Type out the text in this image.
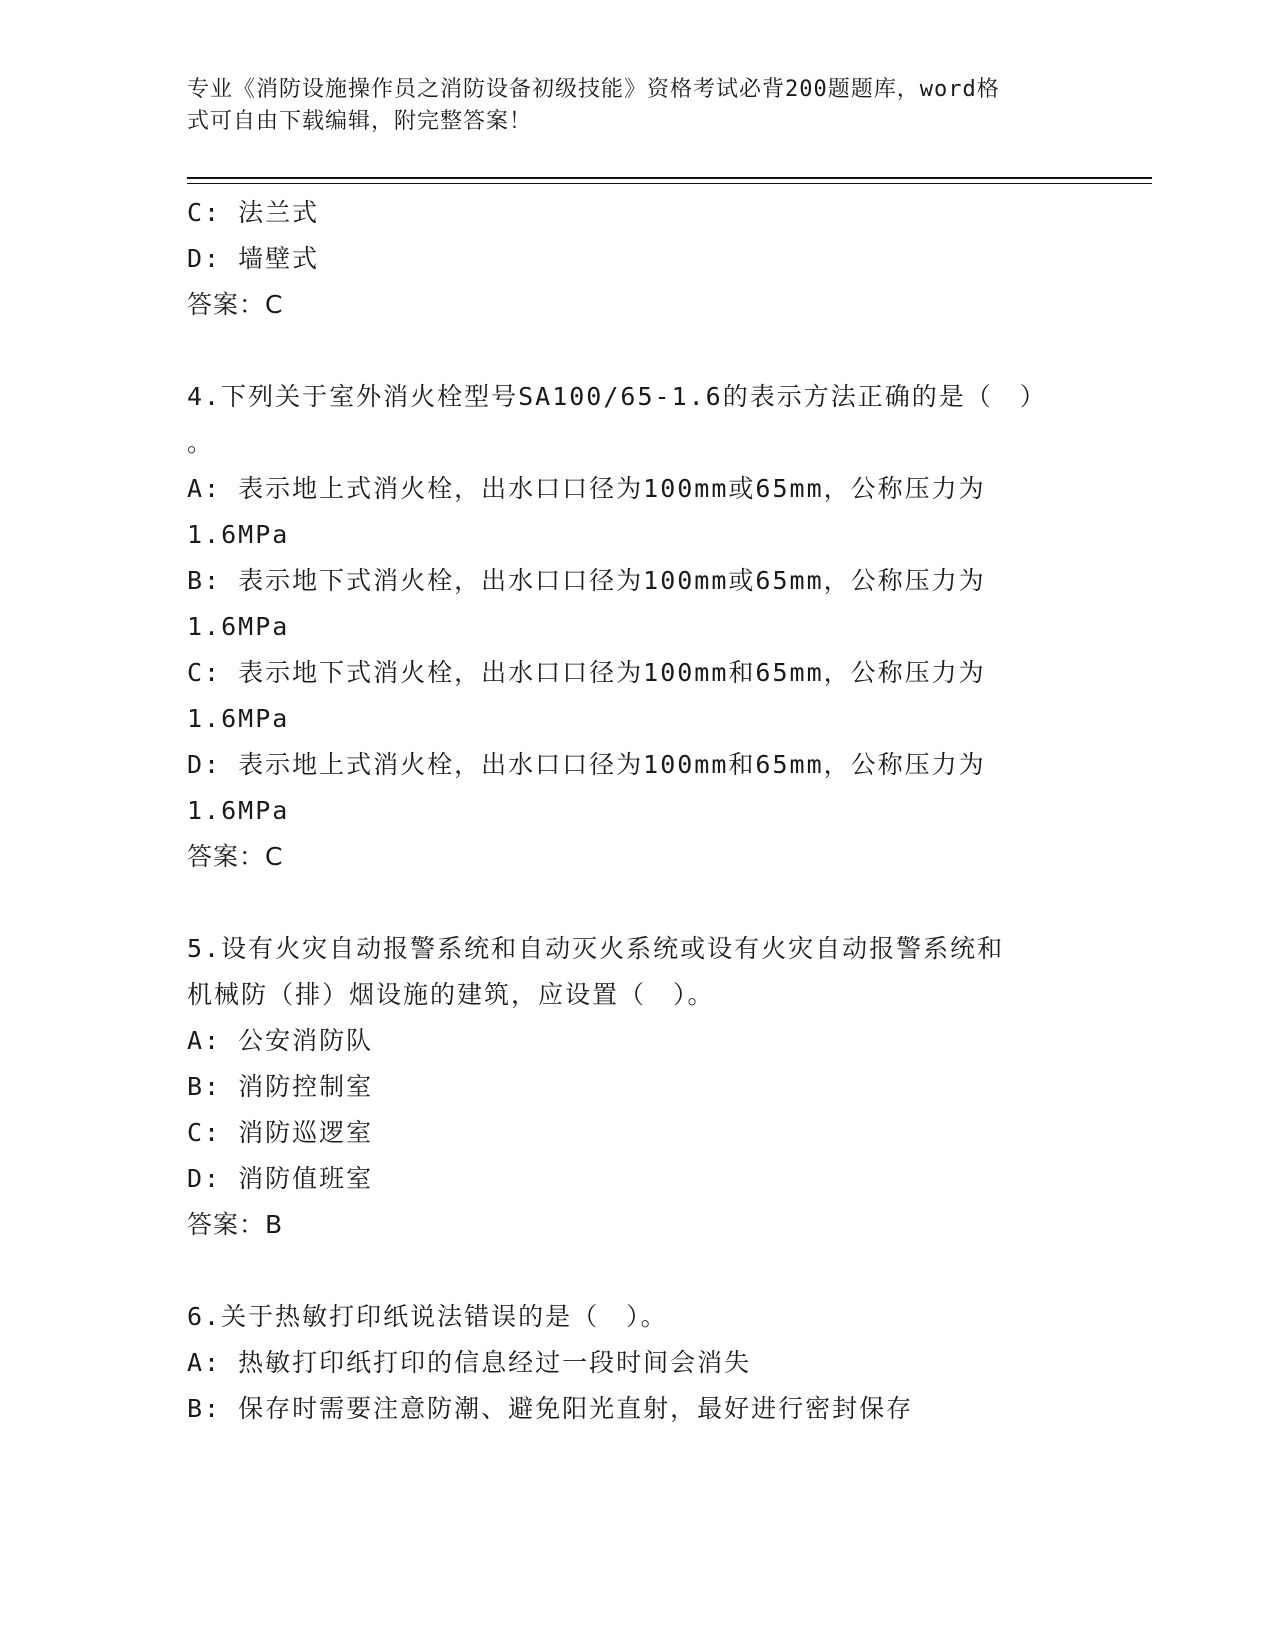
专业《消防设施操作员之消防设备初级技能》资格考试必背200题题库，word格
式可自由下载编辑，附完整答案！
C: 法兰式
D: 墙壁式
答案：C
4.下列关于室外消火栓型号SA100/65-1.6的表示方法正确的是（　）
。
A: 表示地上式消火栓，出水口口径为100mm或65mm，公称压力为
1.6MPa
B: 表示地下式消火栓，出水口口径为100mm或65mm，公称压力为
1.6MPa
C: 表示地下式消火栓，出水口口径为100mm和65mm，公称压力为
1.6MPa
D: 表示地上式消火栓，出水口口径为100mm和65mm，公称压力为
1.6MPa
答案：C
5.设有火灾自动报警系统和自动灭火系统或设有火灾自动报警系统和
机械防（排）烟设施的建筑，应设置（　）。
A: 公安消防队
B: 消防控制室
C: 消防巡逻室
D: 消防值班室
答案：B
6.关于热敏打印纸说法错误的是（　）。
A: 热敏打印纸打印的信息经过一段时间会消失
B: 保存时需要注意防潮、避免阳光直射，最好进行密封保存
